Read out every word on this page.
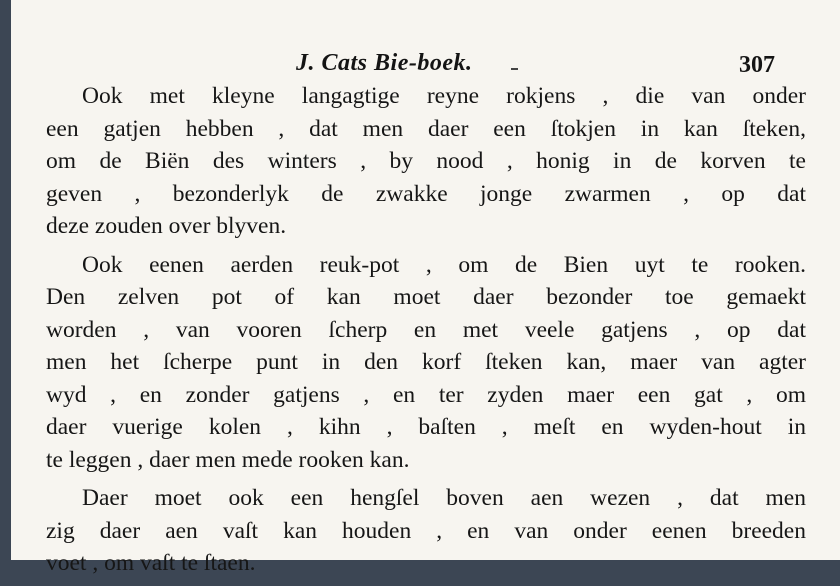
J. Cats Bie-boek.	307
Ook met kleyne langagtige reyne rokjens , die van onder
een gatjen hebben , dat men daer een ſtokjen in kan ſteken,
om de Biën des winters , by nood , honig in de korven te
geven , bezonderlyk de zwakke jonge zwarmen , op dat
deze zouden over blyven.
Ook eenen aerden reuk-pot , om de Bien uyt te rooken.
Den zelven pot of kan moet daer bezonder toe gemaekt
worden , van vooren ſcherp en met veele gatjens , op dat
men het ſcherpe punt in den korf ſteken kan, maer van agter
wyd , en zonder gatjens , en ter zyden maer een gat , om
daer vuerige kolen , kihn , baſten , meſt en wyden-hout in
te leggen , daer men mede rooken kan.
Daer moet ook een hengſel boven aen wezen , dat men
zig daer aen vaſt kan houden , en van onder eenen breeden
voet , om vaſt te ſtaen.
